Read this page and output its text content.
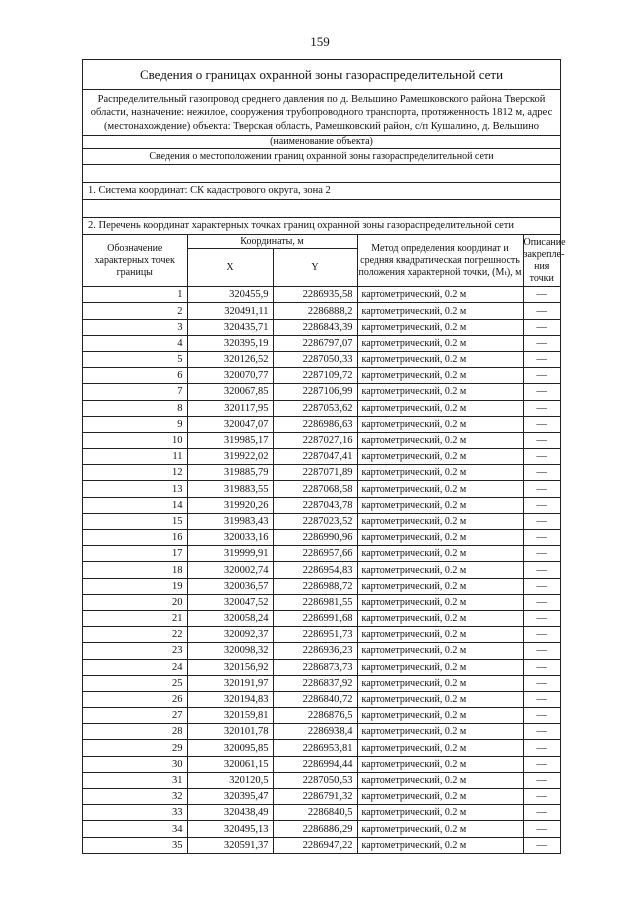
159
Сведения о границах охранной зоны газораспределительной сети
Распределительный газопровод среднего давления по д. Вельшино Рамешковского района Тверской области, назначение: нежилое, сооружения трубопроводного транспорта, протяженность 1812 м, адрес (местонахождение) объекта: Тверская область, Рамешковский район, с/п Кушалино, д. Вельшино
(наименование объекта)
Сведения о местоположении границ охранной зоны газораспределительной сети
1. Система координат: СК кадастрового округа, зона 2
2. Перечень координат характерных точках границ охранной зоны газораспределительной сети
Обозначение характерных точек границы	Координаты, м		Метод определения координат и средняя квадратическая погрешность положения характерной точки, (Mₜ), м	Описание закрепле-ния точки
	X	Y		
1	320455,9	2286935,58	картометрический, 0.2 м	—
2	320491,11	2286888,2	картометрический, 0.2 м	—
3	320435,71	2286843,39	картометрический, 0.2 м	—
4	320395,19	2286797,07	картометрический, 0.2 м	—
5	320126,52	2287050,33	картометрический, 0.2 м	—
6	320070,77	2287109,72	картометрический, 0.2 м	—
7	320067,85	2287106,99	картометрический, 0.2 м	—
8	320117,95	2287053,62	картометрический, 0.2 м	—
9	320047,07	2286986,63	картометрический, 0.2 м	—
10	319985,17	2287027,16	картометрический, 0.2 м	—
11	319922,02	2287047,41	картометрический, 0.2 м	—
12	319885,79	2287071,89	картометрический, 0.2 м	—
13	319883,55	2287068,58	картометрический, 0.2 м	—
14	319920,26	2287043,78	картометрический, 0.2 м	—
15	319983,43	2287023,52	картометрический, 0.2 м	—
16	320033,16	2286990,96	картометрический, 0.2 м	—
17	319999,91	2286957,66	картометрический, 0.2 м	—
18	320002,74	2286954,83	картометрический, 0.2 м	—
19	320036,57	2286988,72	картометрический, 0.2 м	—
20	320047,52	2286981,55	картометрический, 0.2 м	—
21	320058,24	2286991,68	картометрический, 0.2 м	—
22	320092,37	2286951,73	картометрический, 0.2 м	—
23	320098,32	2286936,23	картометрический, 0.2 м	—
24	320156,92	2286873,73	картометрический, 0.2 м	—
25	320191,97	2286837,92	картометрический, 0.2 м	—
26	320194,83	2286840,72	картометрический, 0.2 м	—
27	320159,81	2286876,5	картометрический, 0.2 м	—
28	320101,78	2286938,4	картометрический, 0.2 м	—
29	320095,85	2286953,81	картометрический, 0.2 м	—
30	320061,15	2286994,44	картометрический, 0.2 м	—
31	320120,5	2287050,53	картометрический, 0.2 м	—
32	320395,47	2286791,32	картометрический, 0.2 м	—
33	320438,49	2286840,5	картометрический, 0.2 м	—
34	320495,13	2286886,29	картометрический, 0.2 м	—
35	320591,37	2286947,22	картометрический, 0.2 м	—
